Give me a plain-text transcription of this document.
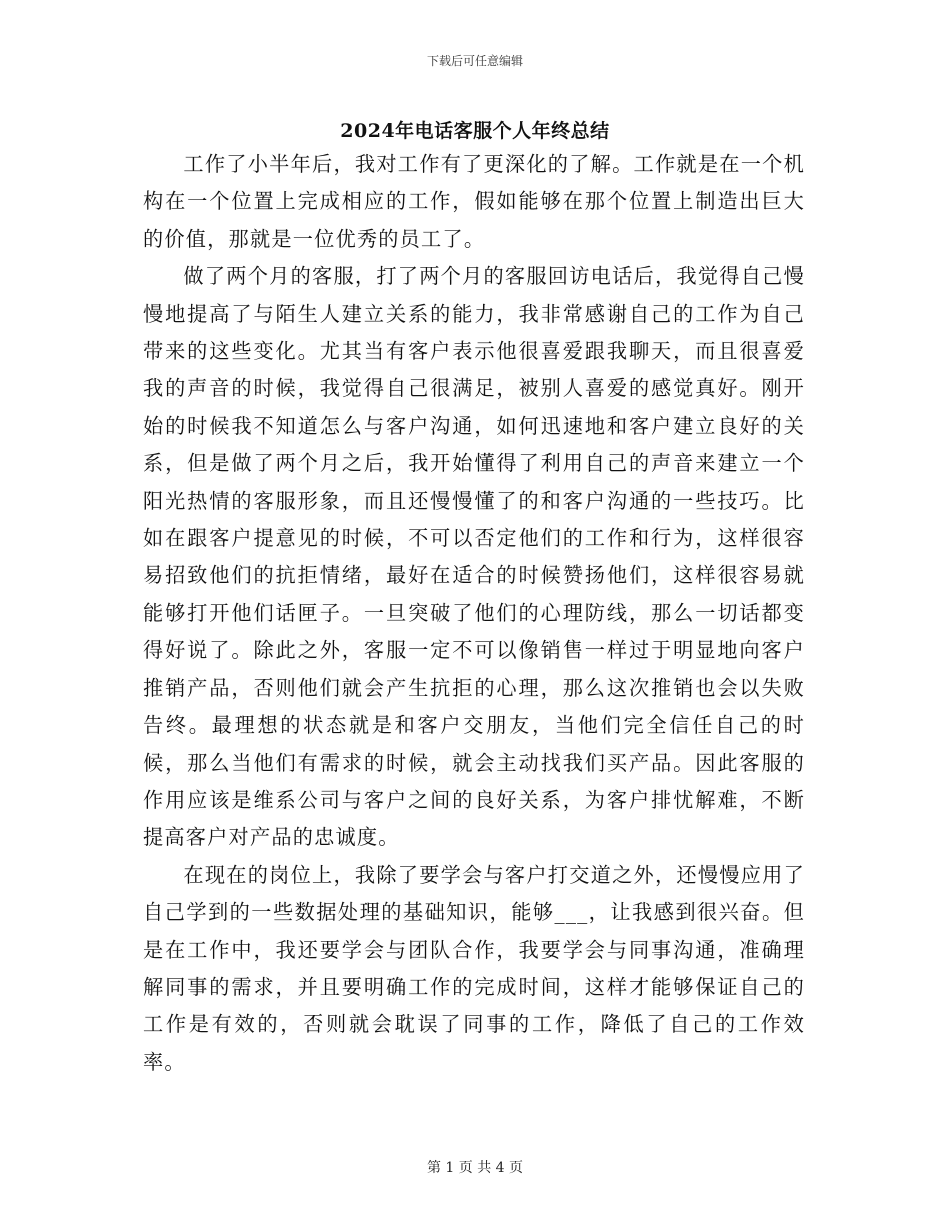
下载后可任意编辑
2024年电话客服个人年终总结

工作了小半年后，我对工作有了更深化的了解。工作就是在一个机构在一个位置上完成相应的工作，假如能够在那个位置上制造出巨大的价值，那就是一位优秀的员工了。

做了两个月的客服，打了两个月的客服回访电话后，我觉得自己慢慢地提高了与陌生人建立关系的能力，我非常感谢自己的工作为自己带来的这些变化。尤其当有客户表示他很喜爱跟我聊天，而且很喜爱我的声音的时候，我觉得自己很满足，被别人喜爱的感觉真好。刚开始的时候我不知道怎么与客户沟通，如何迅速地和客户建立良好的关系，但是做了两个月之后，我开始懂得了利用自己的声音来建立一个阳光热情的客服形象，而且还慢慢懂了的和客户沟通的一些技巧。比如在跟客户提意见的时候，不可以否定他们的工作和行为，这样很容易招致他们的抗拒情绪，最好在适合的时候赞扬他们，这样很容易就能够打开他们话匣子。一旦突破了他们的心理防线，那么一切话都变得好说了。除此之外，客服一定不可以像销售一样过于明显地向客户推销产品，否则他们就会产生抗拒的心理，那么这次推销也会以失败告终。最理想的状态就是和客户交朋友，当他们完全信任自己的时候，那么当他们有需求的时候，就会主动找我们买产品。因此客服的作用应该是维系公司与客户之间的良好关系，为客户排忧解难，不断提高客户对产品的忠诚度。

在现在的岗位上，我除了要学会与客户打交道之外，还慢慢应用了自己学到的一些数据处理的基础知识，能够___，让我感到很兴奋。但是在工作中，我还要学会与团队合作，我要学会与同事沟通，准确理解同事的需求，并且要明确工作的完成时间，这样才能够保证自己的工作是有效的，否则就会耽误了同事的工作，降低了自己的工作效率。

第 1 页 共 4 页
